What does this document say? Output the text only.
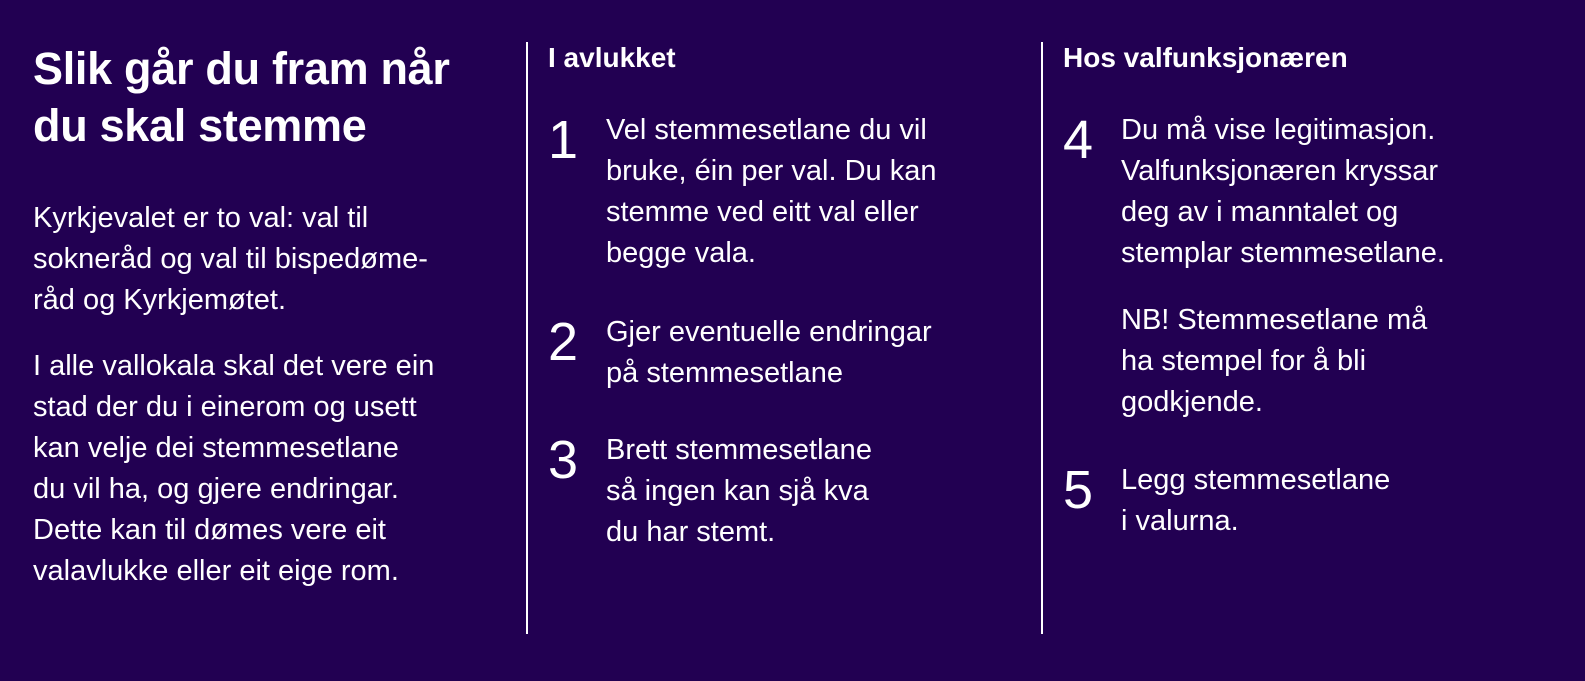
Slik går du fram når
du skal stemme

Kyrkjevalet er to val: val til
sokneråd og val til bispedøme-
råd og Kyrkjemøtet.

I alle vallokala skal det vere ein
stad der du i einerom og usett
kan velje dei stemmesetlane
du vil ha, og gjere endringar.
Dette kan til dømes vere eit
valavlukke eller eit eige rom.

I avlukket
1 Vel stemmesetlane du vil
bruke, éin per val. Du kan
stemme ved eitt val eller
begge vala.

2 Gjer eventuelle endringar
på stemmesetlane

3 Brett stemmesetlane
så ingen kan sjå kva
du har stemt.

Hos valfunksjonæren
4 Du må vise legitimasjon.
Valfunksjonæren kryssar
deg av i manntalet og
stemplar stemmesetlane.

NB! Stemmesetlane må
ha stempel for å bli
godkjende.

5 Legg stemmesetlane
i valurna.
